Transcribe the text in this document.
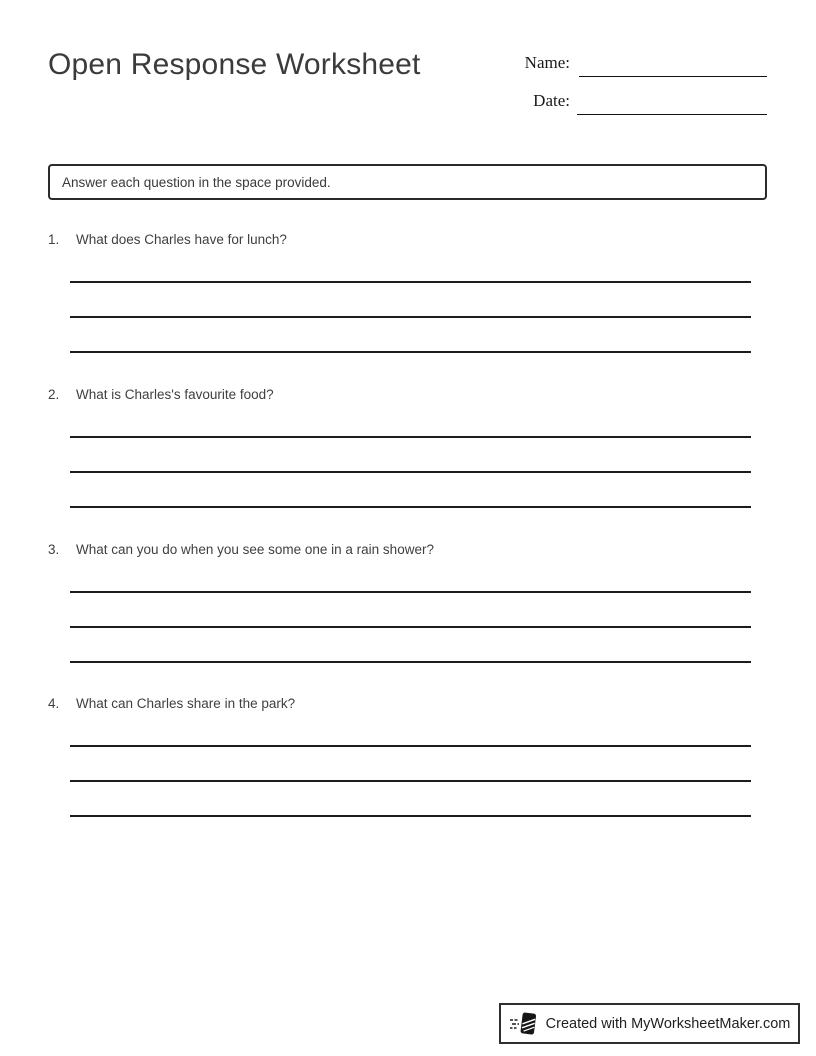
Open Response Worksheet	Name:
Date:
Answer each question in the space provided.
1.	What does Charles have for lunch?
2.	What is Charles's favourite food?
3.	What can you do when you see some one in a rain shower?
4.	What can Charles share in the park?
Created with MyWorksheetMaker.com
